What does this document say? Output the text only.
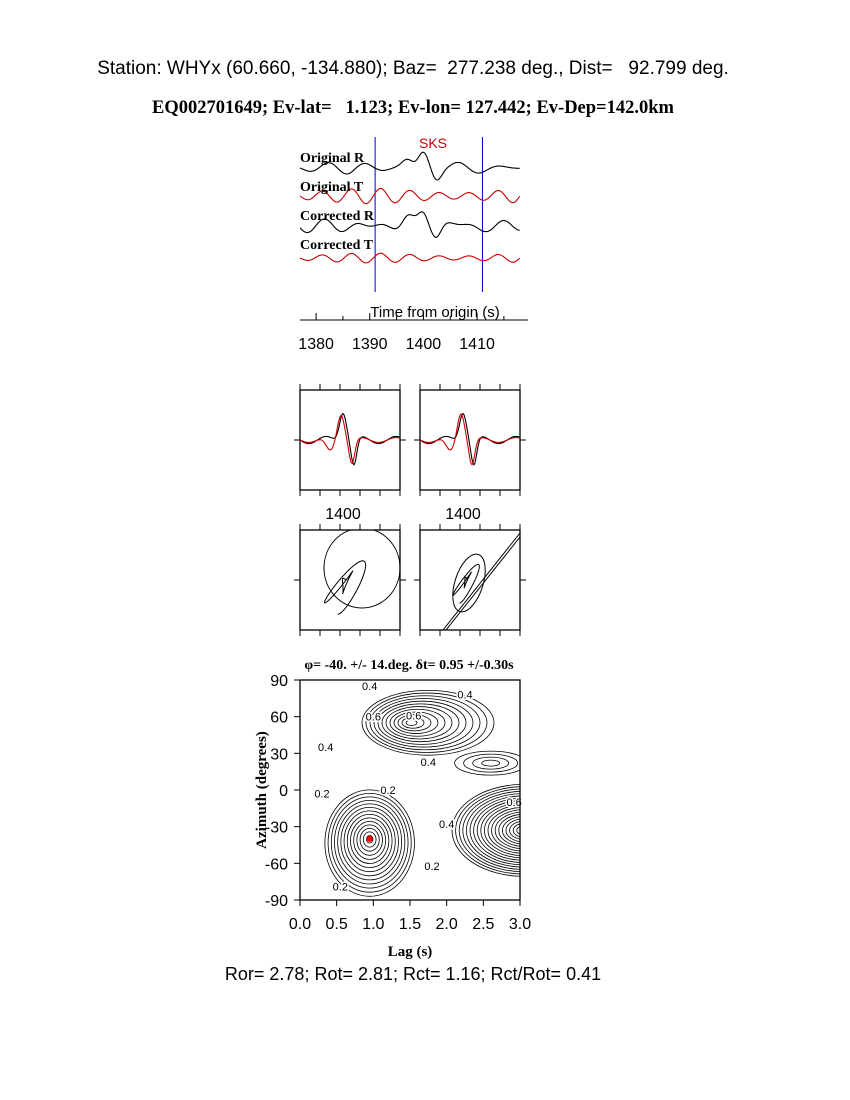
Station: WHYx (60.660, -134.880); Baz=  277.238 deg., Dist=   92.799 deg.
EQ002701649; Ev-lat=   1.123; Ev-lon= 127.442; Ev-Dep=142.0km
SKS
Original R
Original T
Corrected R
Corrected T
Time from origin (s)
1380 1390 1400 1410
1400	1400
φ= -40. +/- 14.deg. δt= 0.95 +/-0.30s
0.4
0.4
0.6 0.6
0.4
0.4
0.2	0.2
0.4
0.6
0.2
0.2
0.0 0.5 1.0 1.5 2.0 2.5 3.0
90
60
30
0
-30
-60
-90
Lag (s)
Azimuth (degrees)
Ror= 2.78; Rot= 2.81; Rct= 1.16; Rct/Rot= 0.41
